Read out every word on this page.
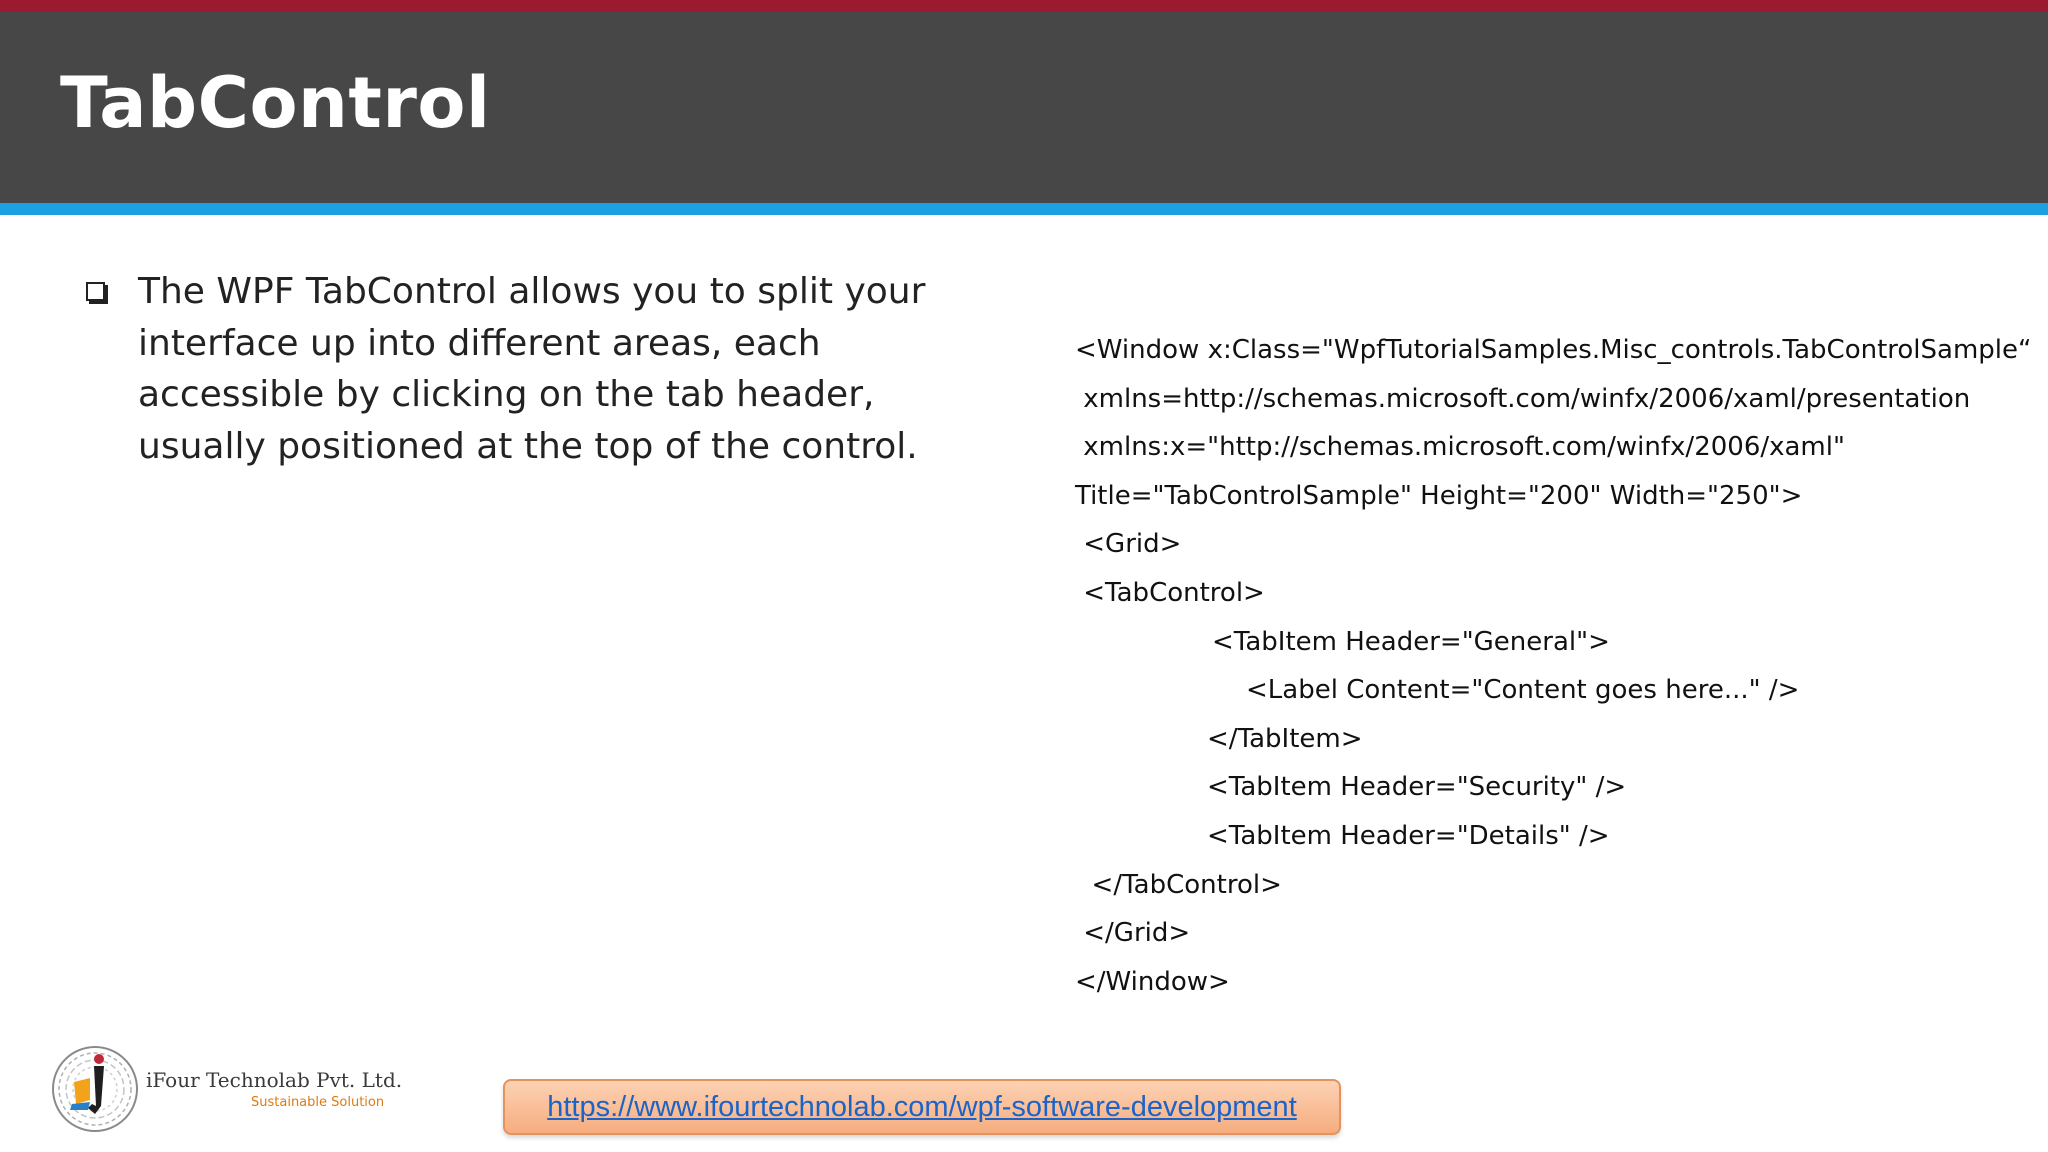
TabControl

The WPF TabControl allows you to split your interface up into different areas, each accessible by clicking on the tab header, usually positioned at the top of the control.

<Window x:Class="WpfTutorialSamples.Misc_controls.TabControlSample“
xmlns=http://schemas.microsoft.com/winfx/2006/xaml/presentation
xmlns:x="http://schemas.microsoft.com/winfx/2006/xaml"
Title="TabControlSample" Height="200" Width="250">
<Grid>
<TabControl>
<TabItem Header="General">
<Label Content="Content goes here..." />
</TabItem>
<TabItem Header="Security" />
<TabItem Header="Details" />
</TabControl>
</Grid>
</Window>
iFour Technolab Pvt. Ltd.
Sustainable Solution	https://www.ifourtechnolab.com/wpf-software-development
